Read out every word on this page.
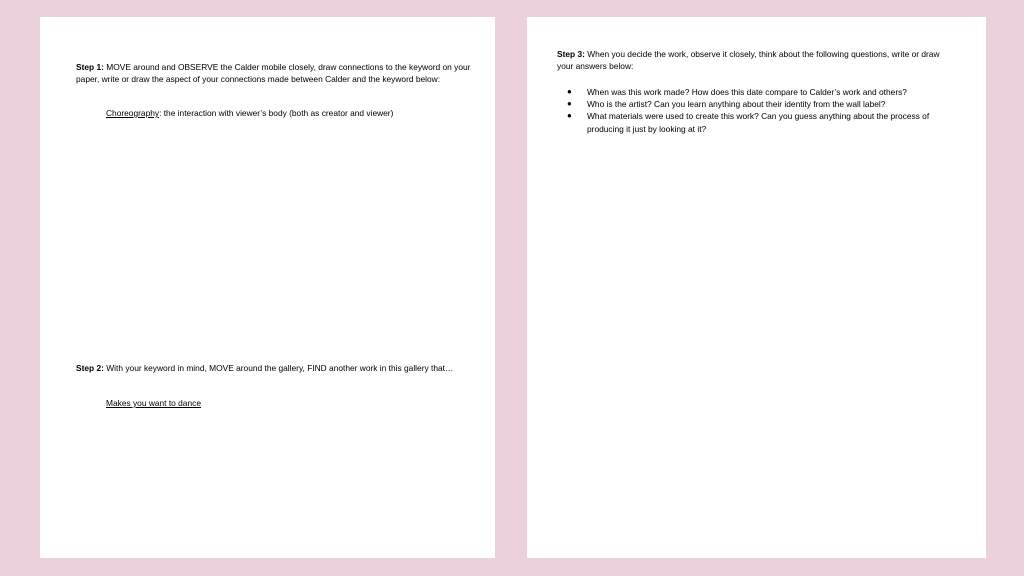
Step 1: MOVE around and OBSERVE the Calder mobile closely, draw connections to the keyword on your paper, write or draw the aspect of your connections made between Calder and the keyword below:

Choreography: the interaction with viewer’s body (both as creator and viewer)

Step 2: With your keyword in mind, MOVE around the gallery, FIND another work in this gallery that…

Makes you want to dance

Step 3: When you decide the work, observe it closely, think about the following questions, write or draw your answers below:

● When was this work made? How does this date compare to Calder’s work and others?
● Who is the artist? Can you learn anything about their identity from the wall label?
● What materials were used to create this work? Can you guess anything about the process of producing it just by looking at it?
